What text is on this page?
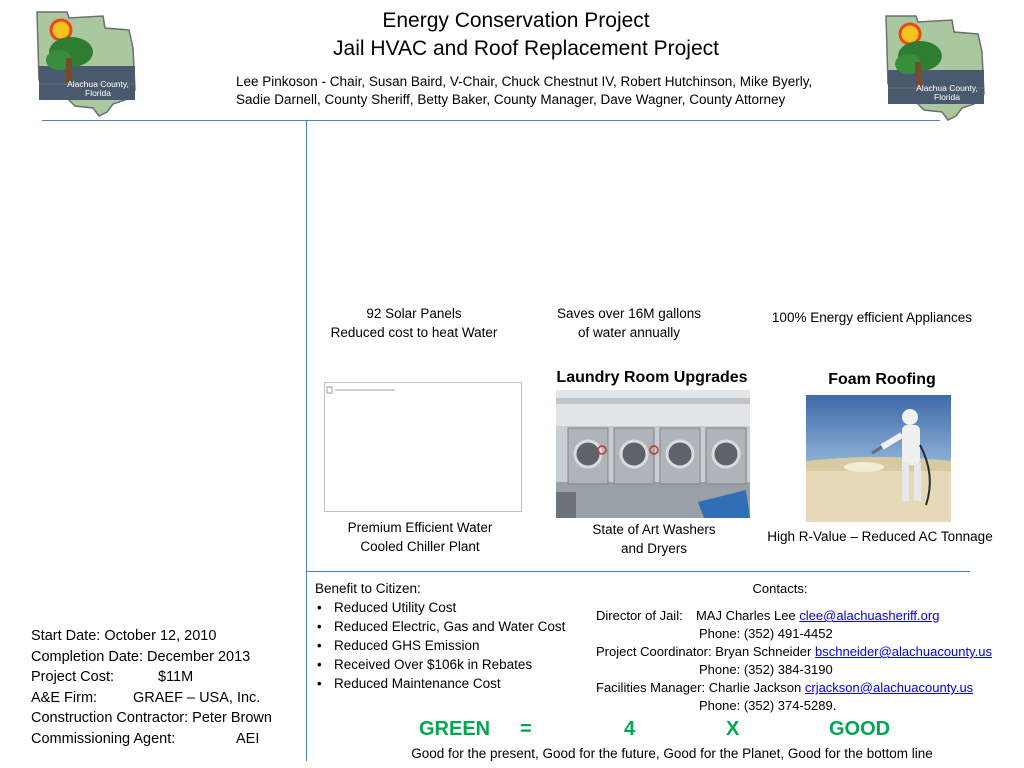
Alachua County,
Florida	Alachua County,
Florida
Energy Conservation Project
Jail HVAC and Roof Replacement Project
Lee Pinkoson - Chair, Susan Baird, V-Chair, Chuck Chestnut IV, Robert Hutchinson, Mike Byerly,
Sadie Darnell, County Sheriff, Betty Baker, County Manager, Dave Wagner, County Attorney
92 Solar Panels
Reduced cost to heat Water
Saves over 16M gallons
of water annually
100% Energy efficient Appliances
Laundry Room Upgrades	Foam Roofing
Premium Efficient Water
Cooled Chiller Plant
State of Art Washers
and Dryers
High R-Value – Reduced AC Tonnage
Benefit to Citizen:
• Reduced Utility Cost
• Reduced Electric, Gas and Water Cost
• Reduced GHS Emission
• Received Over $106k in Rebates
• Reduced Maintenance Cost
Contacts:
Director of Jail: MAJ Charles Lee clee@alachuasheriff.org
Phone: (352) 491-4452
Project Coordinator: Bryan Schneider bschneider@alachuacounty.us
Phone: (352) 384-3190
Facilities Manager: Charlie Jackson crjackson@alachuacounty.us
Phone: (352) 374-5289.
Start Date: October 12, 2010
Completion Date: December 2013
Project Cost:	$11M
A&E Firm: GRAEF – USA, Inc.
Construction Contractor: Peter Brown
Commissioning Agent:	AEI	GREEN =	4	X	GOOD
Good for the present, Good for the future, Good for the Planet, Good for the bottom line
